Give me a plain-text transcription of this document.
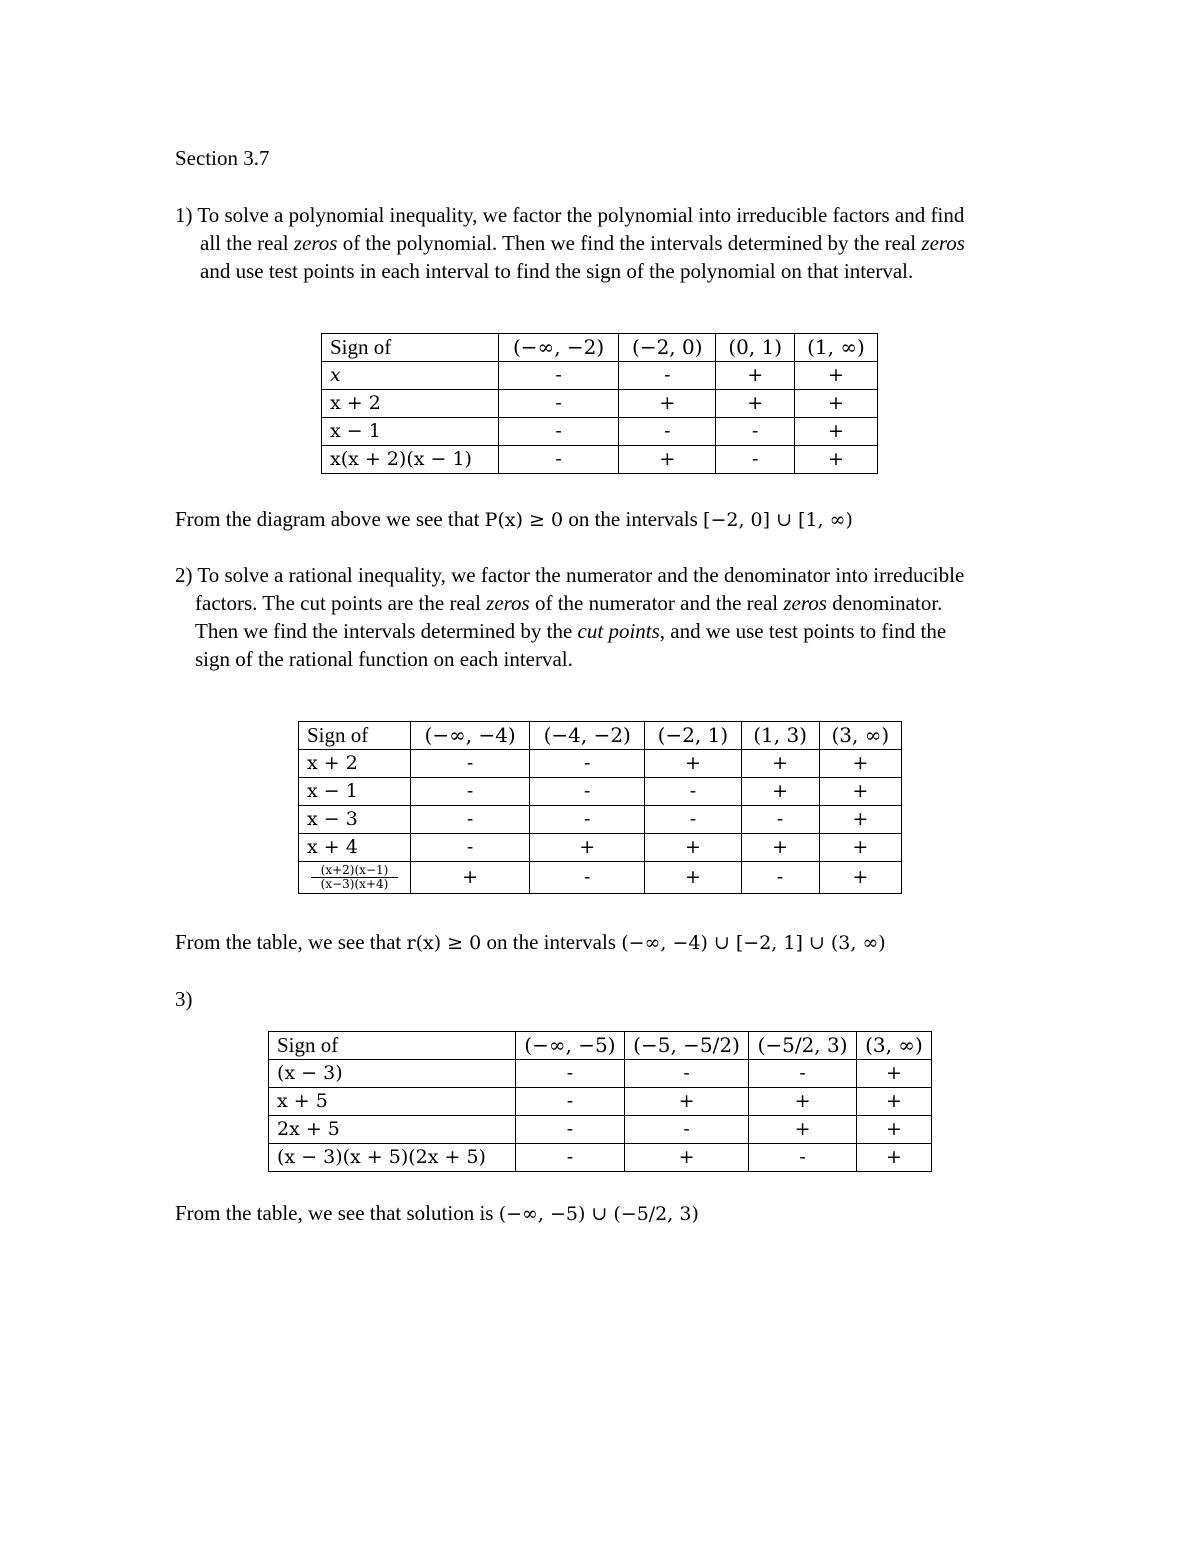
Section 3.7
1) To solve a polynomial inequality, we factor the polynomial into irreducible factors and find
all the real zeros of the polynomial. Then we find the intervals determined by the real zeros
and use test points in each interval to find the sign of the polynomial on that interval.
Sign of	(−∞, −2)	(−2, 0)	(0, 1)	(1, ∞)
x	-	-	+	+
x + 2	-	+	+	+
x − 1	-	-	-	+
x(x + 2)(x − 1)	-	+	-	+
From the diagram above we see that P(x) ≥ 0 on the intervals [−2, 0] ∪ [1, ∞)
2) To solve a rational inequality, we factor the numerator and the denominator into irreducible
factors. The cut points are the real zeros of the numerator and the real zeros denominator.
Then we find the intervals determined by the cut points, and we use test points to find the
sign of the rational function on each interval.
Sign of	(−∞, −4)	(−4, −2)	(−2, 1)	(1, 3)	(3, ∞)
x + 2	-	-	+	+	+
x − 1	-	-	-	+	+
x − 3	-	-	-	-	+
x + 4	-	+	+	+	+
(x+2)(x−1)
(x−3)(x+4)	+	-	+	-	+
From the table, we see that r(x) ≥ 0 on the intervals (−∞, −4) ∪ [−2, 1] ∪ (3, ∞)
3)
Sign of	(−∞, −5)	(−5, −5/2)	(−5/2, 3)	(3, ∞)
(x − 3)	-	-	-	+
x + 5	-	+	+	+
2x + 5	-	-	+	+
(x − 3)(x + 5)(2x + 5)	-	+	-	+
From the table, we see that solution is (−∞, −5) ∪ (−5/2, 3)
